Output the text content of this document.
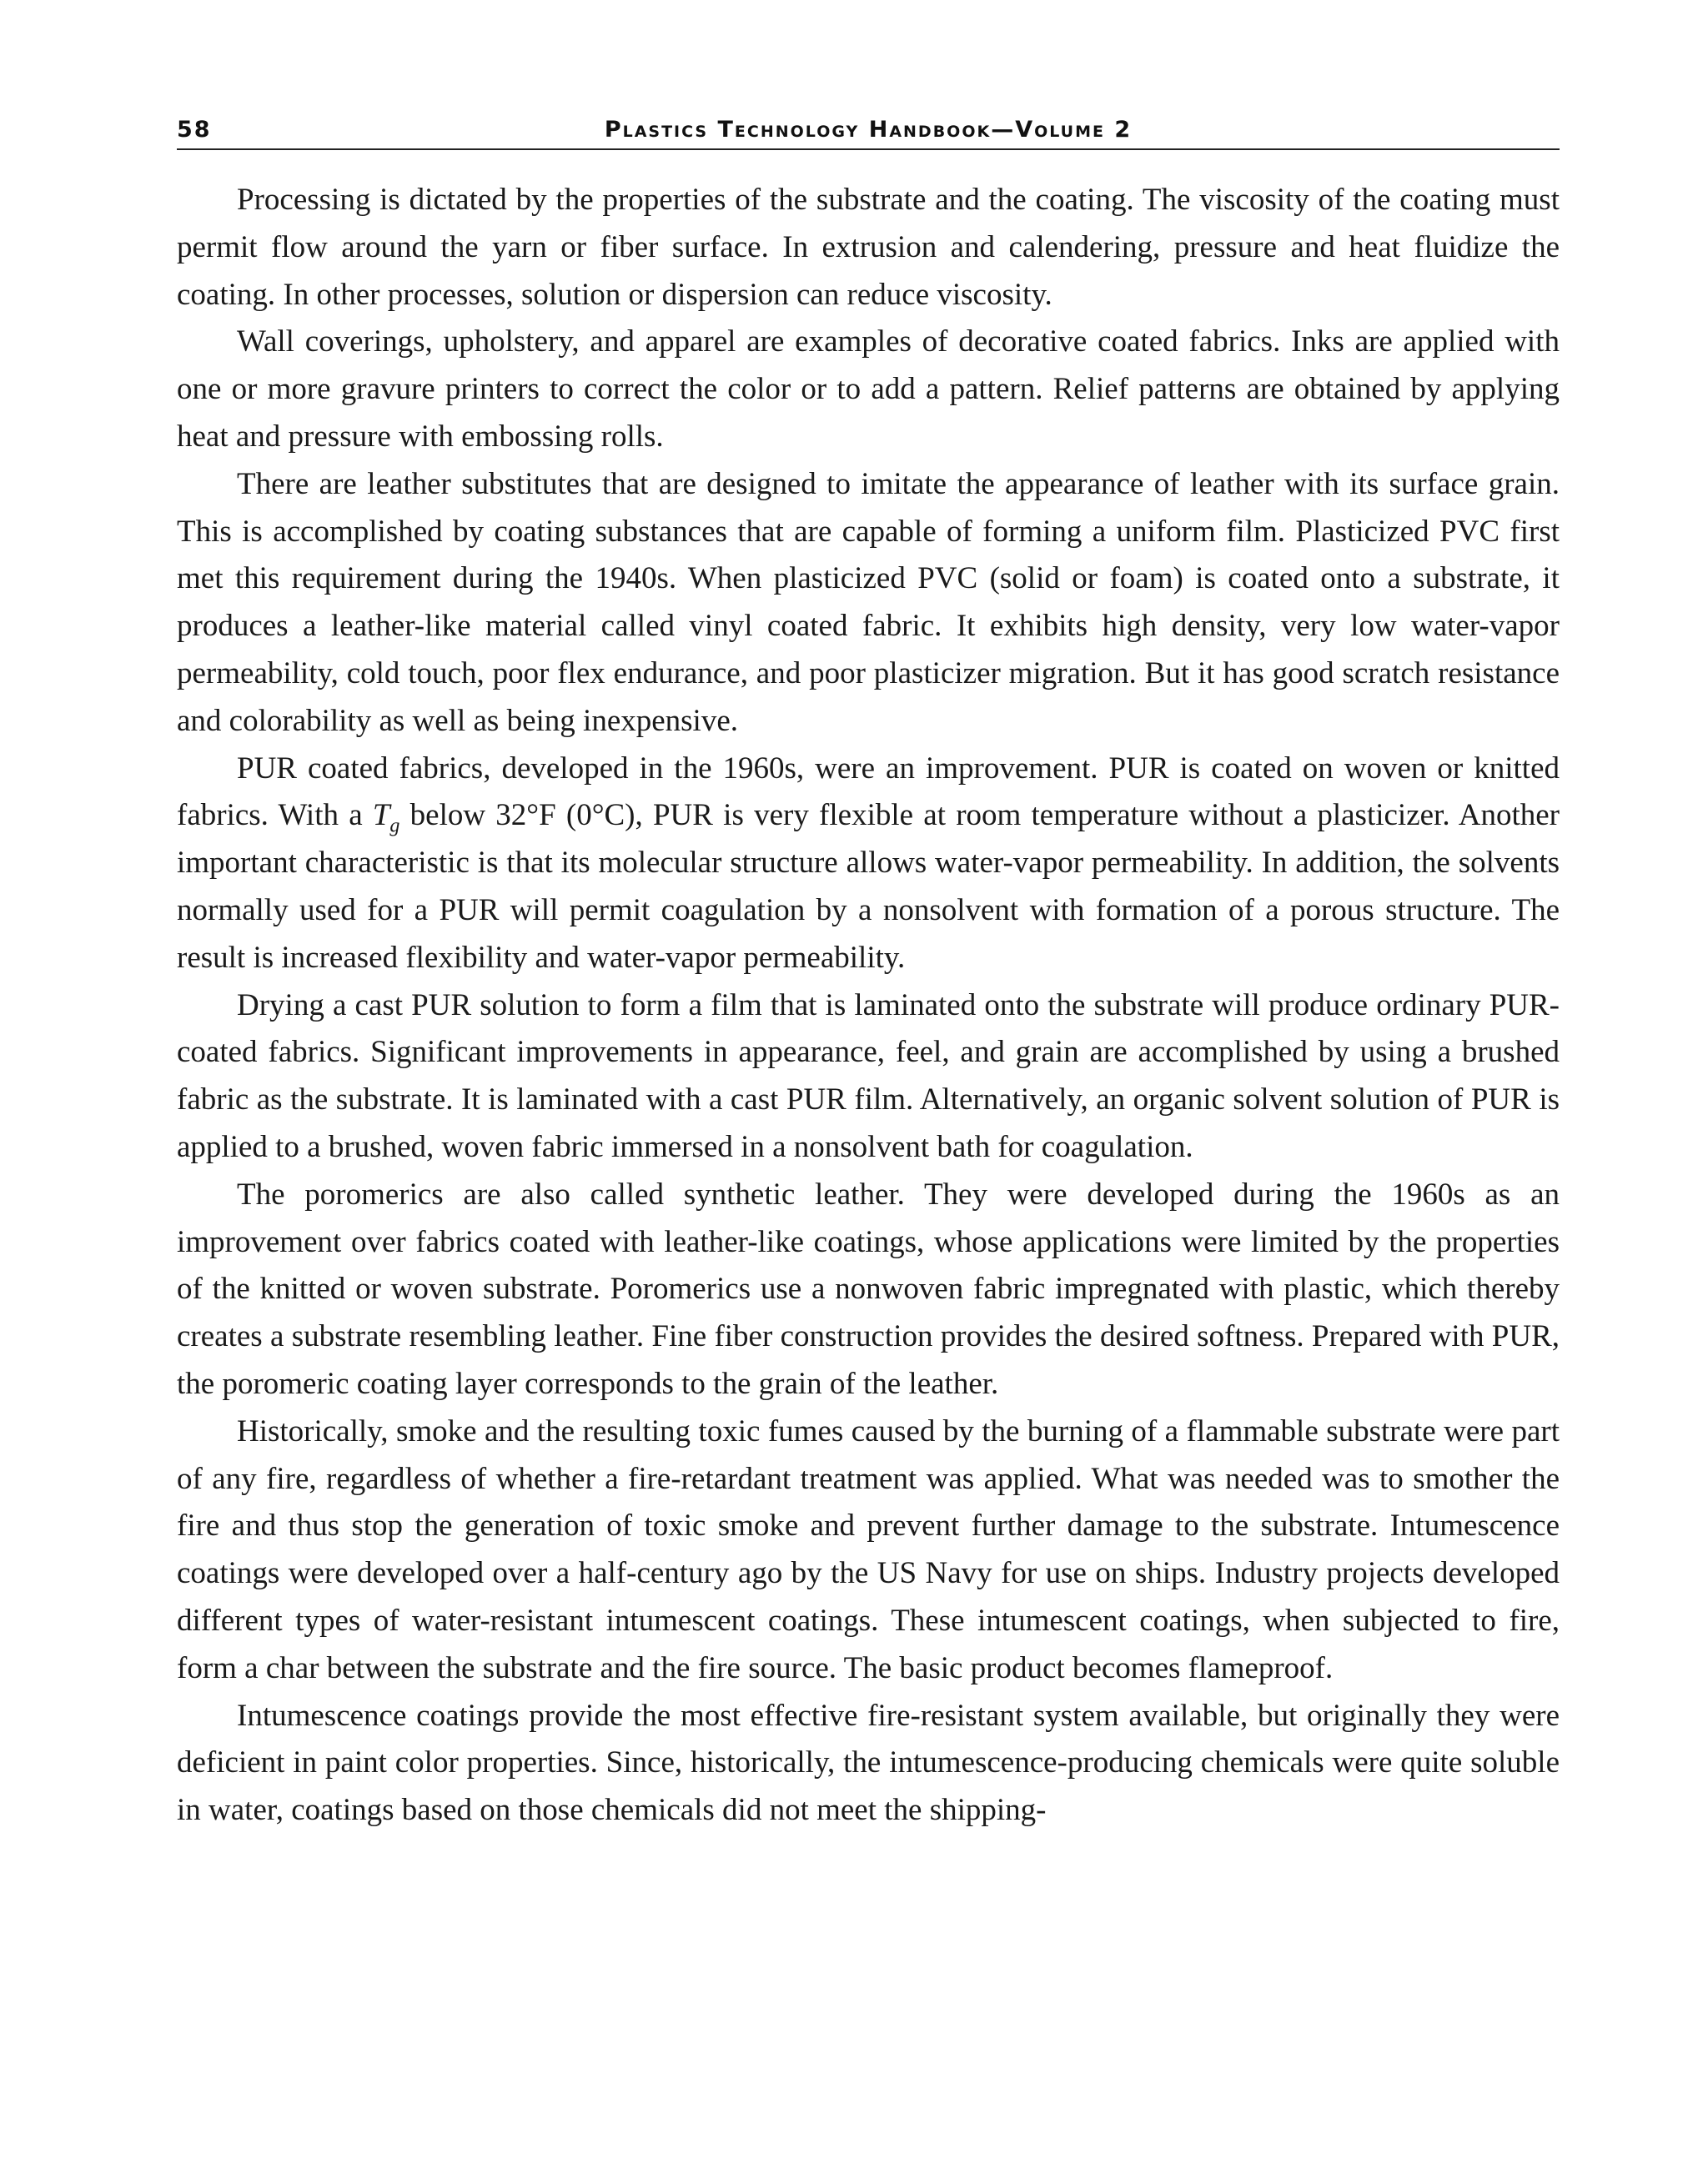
58	Plastics Technology Handbook—Volume 2

Processing is dictated by the properties of the substrate and the coating. The viscosity of the coating must permit flow around the yarn or fiber surface. In extrusion and calendering, pressure and heat fluidize the coating. In other processes, solution or dispersion can reduce viscosity.

Wall coverings, upholstery, and apparel are examples of decorative coated fabrics. Inks are applied with one or more gravure printers to correct the color or to add a pattern. Relief patterns are obtained by applying heat and pressure with embossing rolls.

There are leather substitutes that are designed to imitate the appearance of leather with its surface grain. This is accomplished by coating substances that are capable of forming a uniform film. Plasticized PVC first met this requirement during the 1940s. When plasticized PVC (solid or foam) is coated onto a substrate, it produces a leather-like material called vinyl coated fabric. It exhibits high density, very low water-vapor permeability, cold touch, poor flex endurance, and poor plasticizer migration. But it has good scratch resistance and colorability as well as being inexpensive.

PUR coated fabrics, developed in the 1960s, were an improvement. PUR is coated on woven or knitted fabrics. With a $T_g$ below 32°F (0°C), PUR is very flexible at room temperature without a plasticizer. Another important characteristic is that its molecular structure allows water-vapor permeability. In addition, the solvents normally used for a PUR will permit coagulation by a nonsolvent with formation of a porous structure. The result is increased flexibility and water-vapor permeability.

Drying a cast PUR solution to form a film that is laminated onto the substrate will produce ordinary PUR-coated fabrics. Significant improvements in appearance, feel, and grain are accomplished by using a brushed fabric as the substrate. It is laminated with a cast PUR film. Alternatively, an organic solvent solution of PUR is applied to a brushed, woven fabric immersed in a nonsolvent bath for coagulation.

The poromerics are also called synthetic leather. They were developed during the 1960s as an improvement over fabrics coated with leather-like coatings, whose applications were limited by the properties of the knitted or woven substrate. Poromerics use a nonwoven fabric impregnated with plastic, which thereby creates a substrate resembling leather. Fine fiber construction provides the desired softness. Prepared with PUR, the poromeric coating layer corresponds to the grain of the leather.

Historically, smoke and the resulting toxic fumes caused by the burning of a flammable substrate were part of any fire, regardless of whether a fire-retardant treatment was applied. What was needed was to smother the fire and thus stop the generation of toxic smoke and prevent further damage to the substrate. Intumescence coatings were developed over a half-century ago by the US Navy for use on ships. Industry projects developed different types of water-resistant intumescent coatings. These intumescent coatings, when subjected to fire, form a char between the substrate and the fire source. The basic product becomes flameproof.

Intumescence coatings provide the most effective fire-resistant system available, but originally they were deficient in paint color properties. Since, historically, the intumescence-producing chemicals were quite soluble in water, coatings based on those chemicals did not meet the shipping-
